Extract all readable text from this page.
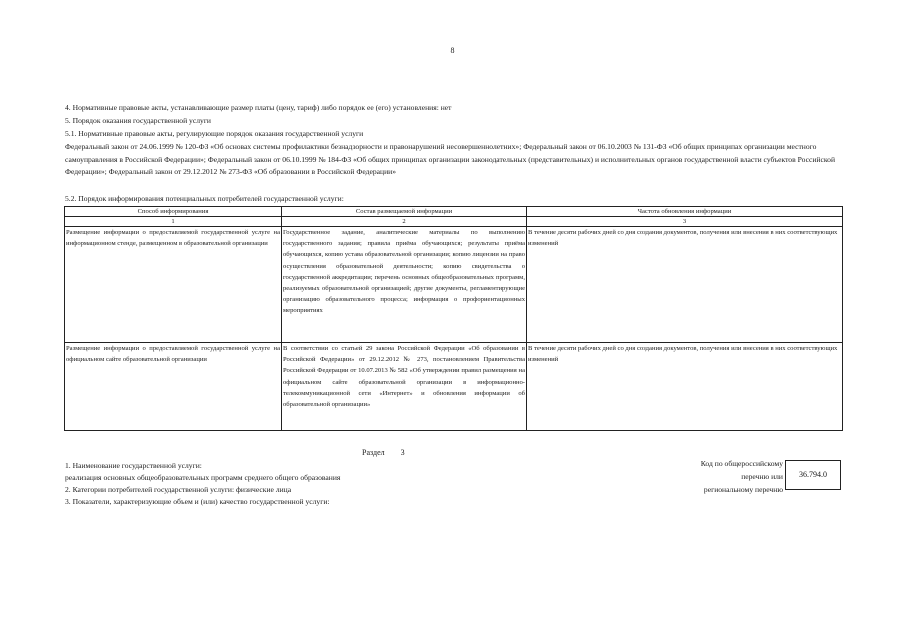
8
4. Нормативные правовые акты, устанавливающие размер платы (цену, тариф) либо порядок ее (его) установления: нет
5. Порядок оказания государственной услуги
5.1. Нормативные правовые акты, регулирующие порядок оказания государственной услуги
Федеральный закон от 24.06.1999 № 120-ФЗ «Об основах системы профилактики безнадзорности и правонарушений несовершеннолетних»; Федеральный закон от 06.10.2003 № 131-ФЗ «Об общих принципах организации местного самоуправления в Российской Федерации»; Федеральный закон от 06.10.1999 № 184-ФЗ «Об общих принципах организации законодательных (представительных) и исполнительных органов государственной власти субъектов Российской Федерации»; Федеральный закон от 29.12.2012 № 273-ФЗ «Об образовании в Российской Федерации»
5.2. Порядок информирования потенциальных потребителей государственной услуги:
Способ информирования	Состав размещаемой информации	Частота обновления информации
1	2	3
Размещение информации о предоставляемой государственной услуге на информационном стенде, размещенном в образовательной организации	Государственное задание, аналитические материалы по выполнению государственного задания; правила приёма обучающихся; результаты приёма обучающихся, копию устава образовательной организации; копию лицензии на право осуществления образовательной деятельности; копию свидетельства о государственной аккредитации; перечень основных общеобразовательных программ, реализуемых образовательной организацией; другие документы, регламентирующие организацию образовательного процесса; информация о профориентационных мероприятиях	В течение десяти рабочих дней со дня создания документов, получения или внесения в них соответствующих изменений
Размещение информации о предоставляемой государственной услуге на официальном сайте образовательной организации	В соответствии со статьей 29 закона Российской Федерации «Об образовании в Российской Федерации» от 29.12.2012 № 273, постановлением Правительства Российской Федерации от 10.07.2013 № 582 «Об утверждении правил размещения на официальном сайте образовательной организации в информационно-телекоммуникационной сети «Интернет» и обновления информации об образовательной организации»	В течение десяти рабочих дней со дня создания документов, получения или внесения в них соответствующих изменений
Раздел 3
1. Наименование государственной услуги:
реализация основных общеобразовательных программ среднего общего образования
2. Категории потребителей государственной услуги: физические лица
3. Показатели, характеризующие объем и (или) качество государственной услуги:
Код по общероссийскому
перечню или
региональному перечню
36.794.0
